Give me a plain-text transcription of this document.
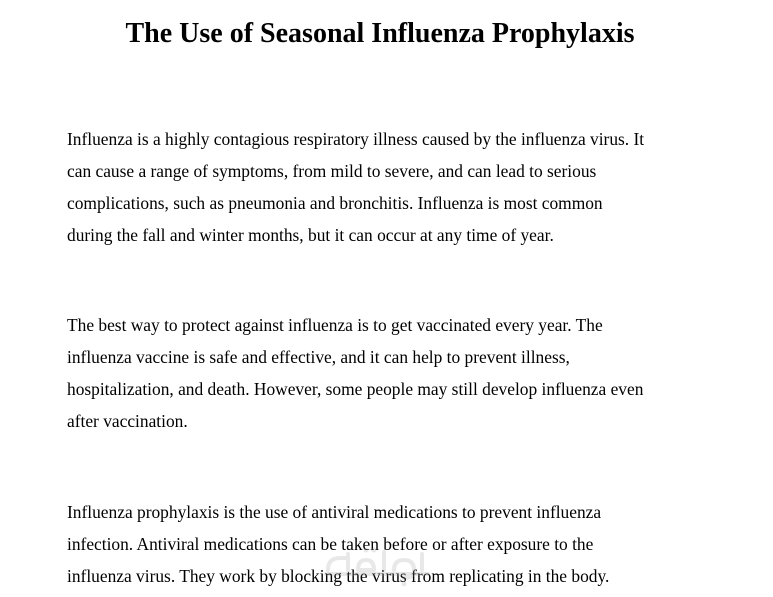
The Use of Seasonal Influenza Prophylaxis

Influenza is a highly contagious respiratory illness caused by the influenza virus. It
can cause a range of symptoms, from mild to severe, and can lead to serious
complications, such as pneumonia and bronchitis. Influenza is most common
during the fall and winter months, but it can occur at any time of year.

The best way to protect against influenza is to get vaccinated every year. The
influenza vaccine is safe and effective, and it can help to prevent illness,
hospitalization, and death. However, some people may still develop influenza even
after vaccination.

Influenza prophylaxis is the use of antiviral medications to prevent influenza
infection. Antiviral medications can be taken before or after exposure to the
influenza virus. They work by blocking the virus from replicating in the body.
